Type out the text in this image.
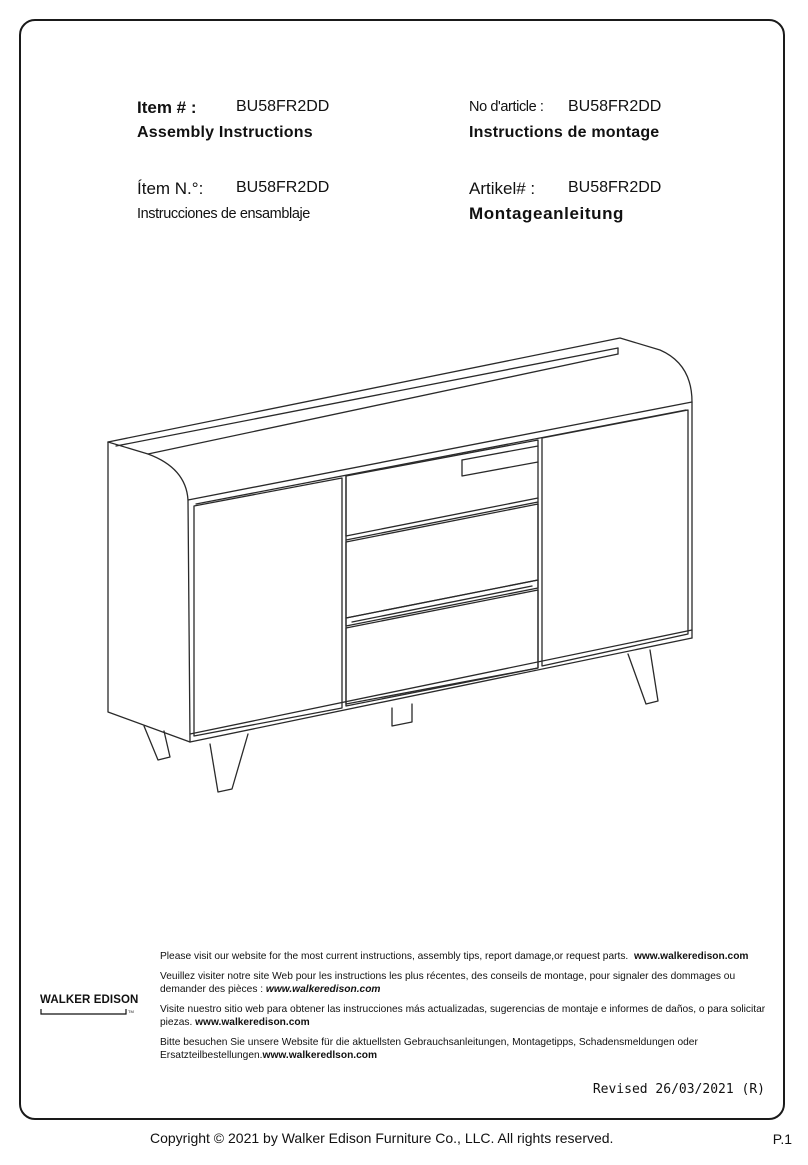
Item # : BU58FR2DD
Assembly Instructions
No d'article : BU58FR2DD
Instructions de montage
Ítem N.°: BU58FR2DD
Instrucciones de ensamblaje
Artikel# : BU58FR2DD
Montageanleitung

Please visit our website for the most current instructions, assembly tips, report damage,or request parts. www.walkeredison.com

Veuillez visiter notre site Web pour les instructions les plus récentes, des conseils de montage, pour signaler des dommages ou demander des pièces : www.walkeredison.com

Visite nuestro sitio web para obtener las instrucciones más actualizadas, sugerencias de montaje e informes de daños, o para solicitar piezas. www.walkeredison.com

Bitte besuchen Sie unsere Website für die aktuellsten Gebrauchsanleitungen, Montagetipps, Schadensmeldungen oder Ersatzteilbestellungen.www.walkeredlson.com

WALKER EDISON
TM
Revised 26/03/2021 (R)
Copyright © 2021 by Walker Edison Furniture Co., LLC. All rights reserved.	P.1
